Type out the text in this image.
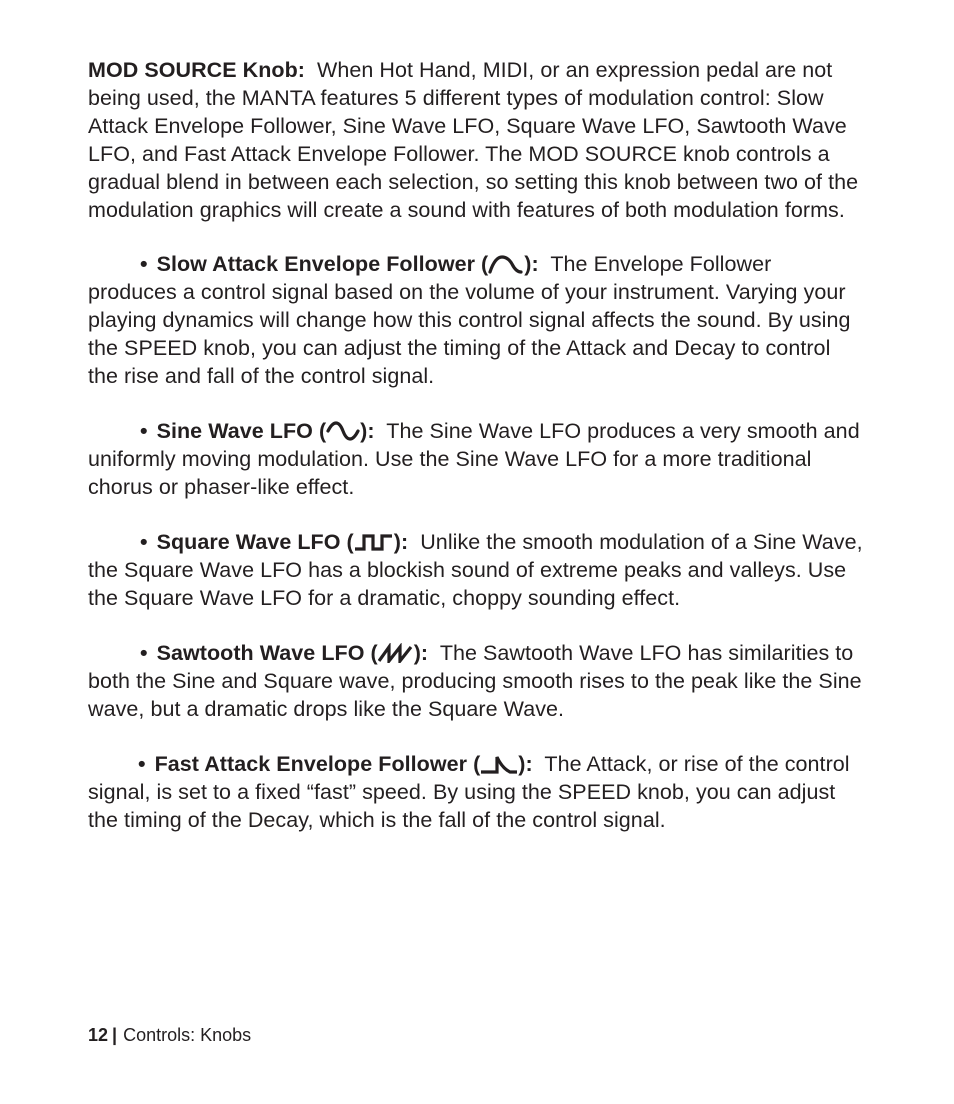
MOD SOURCE Knob: When Hot Hand, MIDI, or an expression pedal are not being used, the MANTA features 5 different types of modulation control: Slow Attack Envelope Follower, Sine Wave LFO, Square Wave LFO, Sawtooth Wave LFO, and Fast Attack Envelope Follower. The MOD SOURCE knob controls a gradual blend in between each selection, so setting this knob between two of the modulation graphics will create a sound with features of both modulation forms.

• Slow Attack Envelope Follower ( ): The Envelope Follower produces a control signal based on the volume of your instrument. Varying your playing dynamics will change how this control signal affects the sound. By using the SPEED knob, you can adjust the timing of the Attack and Decay to control the rise and fall of the control signal.

• Sine Wave LFO ( ): The Sine Wave LFO produces a very smooth and uniformly moving modulation. Use the Sine Wave LFO for a more traditional chorus or phaser-like effect.

• Square Wave LFO ( ): Unlike the smooth modulation of a Sine Wave, the Square Wave LFO has a blockish sound of extreme peaks and valleys. Use the Square Wave LFO for a dramatic, choppy sounding effect.

• Sawtooth Wave LFO ( ): The Sawtooth Wave LFO has similarities to both the Sine and Square wave, producing smooth rises to the peak like the Sine wave, but a dramatic drops like the Square Wave.

• Fast Attack Envelope Follower ( ): The Attack, or rise of the control signal, is set to a fixed “fast” speed. By using the SPEED knob, you can adjust the timing of the Decay, which is the fall of the control signal.

12 | Controls: Knobs
